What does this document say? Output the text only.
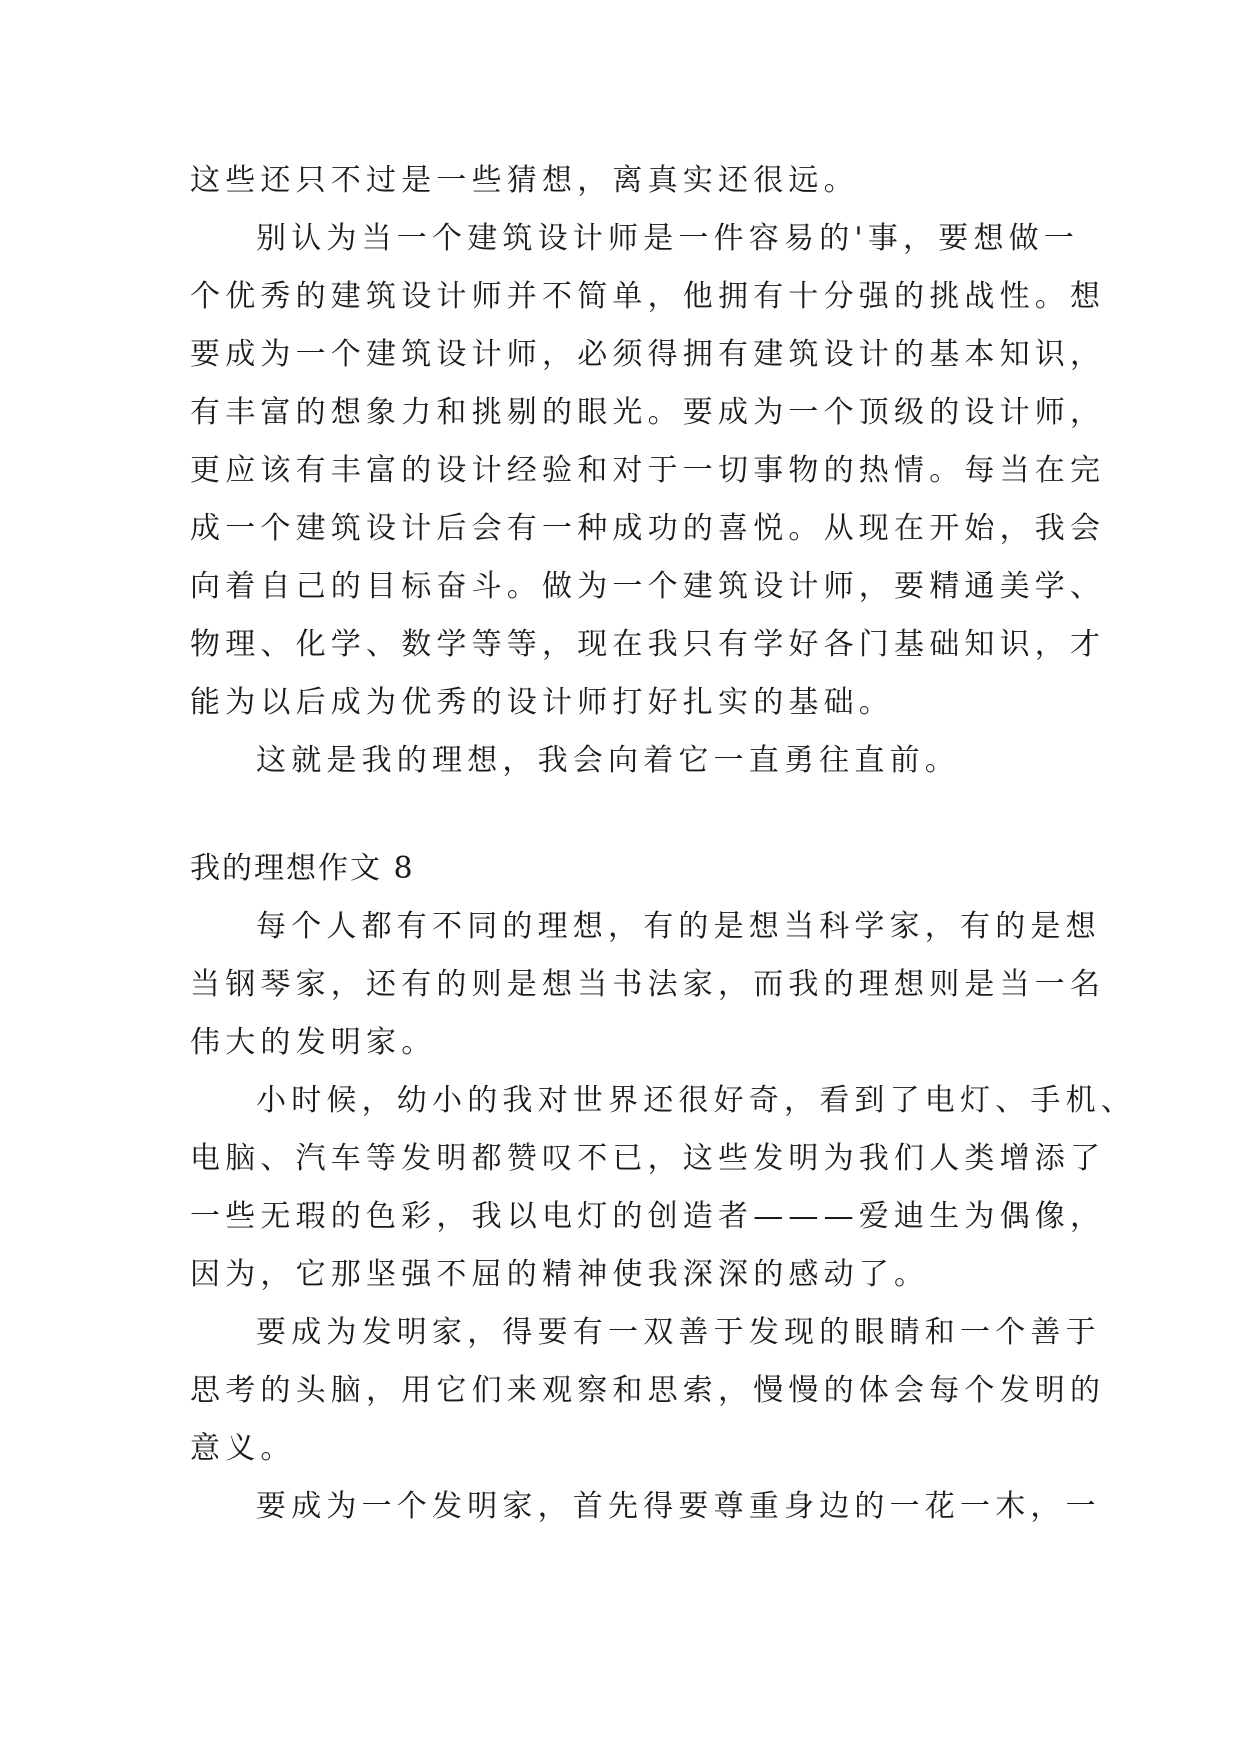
这些还只不过是一些猜想，离真实还很远。
别认为当一个建筑设计师是一件容易的'事，要想做一
个优秀的建筑设计师并不简单，他拥有十分强的挑战性。想
要成为一个建筑设计师，必须得拥有建筑设计的基本知识，
有丰富的想象力和挑剔的眼光。要成为一个顶级的设计师，
更应该有丰富的设计经验和对于一切事物的热情。每当在完
成一个建筑设计后会有一种成功的喜悦。从现在开始，我会
向着自己的目标奋斗。做为一个建筑设计师，要精通美学、
物理、化学、数学等等，现在我只有学好各门基础知识，才
能为以后成为优秀的设计师打好扎实的基础。
这就是我的理想，我会向着它一直勇往直前。
我的理想作文 8
每个人都有不同的理想，有的是想当科学家，有的是想
当钢琴家，还有的则是想当书法家，而我的理想则是当一名
伟大的发明家。
小时候，幼小的我对世界还很好奇，看到了电灯、手机、
电脑、汽车等发明都赞叹不已，这些发明为我们人类增添了
一些无瑕的色彩，我以电灯的创造者———爱迪生为偶像，
因为，它那坚强不屈的精神使我深深的感动了。
要成为发明家，得要有一双善于发现的眼睛和一个善于
思考的头脑，用它们来观察和思索，慢慢的体会每个发明的
意义。
要成为一个发明家，首先得要尊重身边的一花一木，一
